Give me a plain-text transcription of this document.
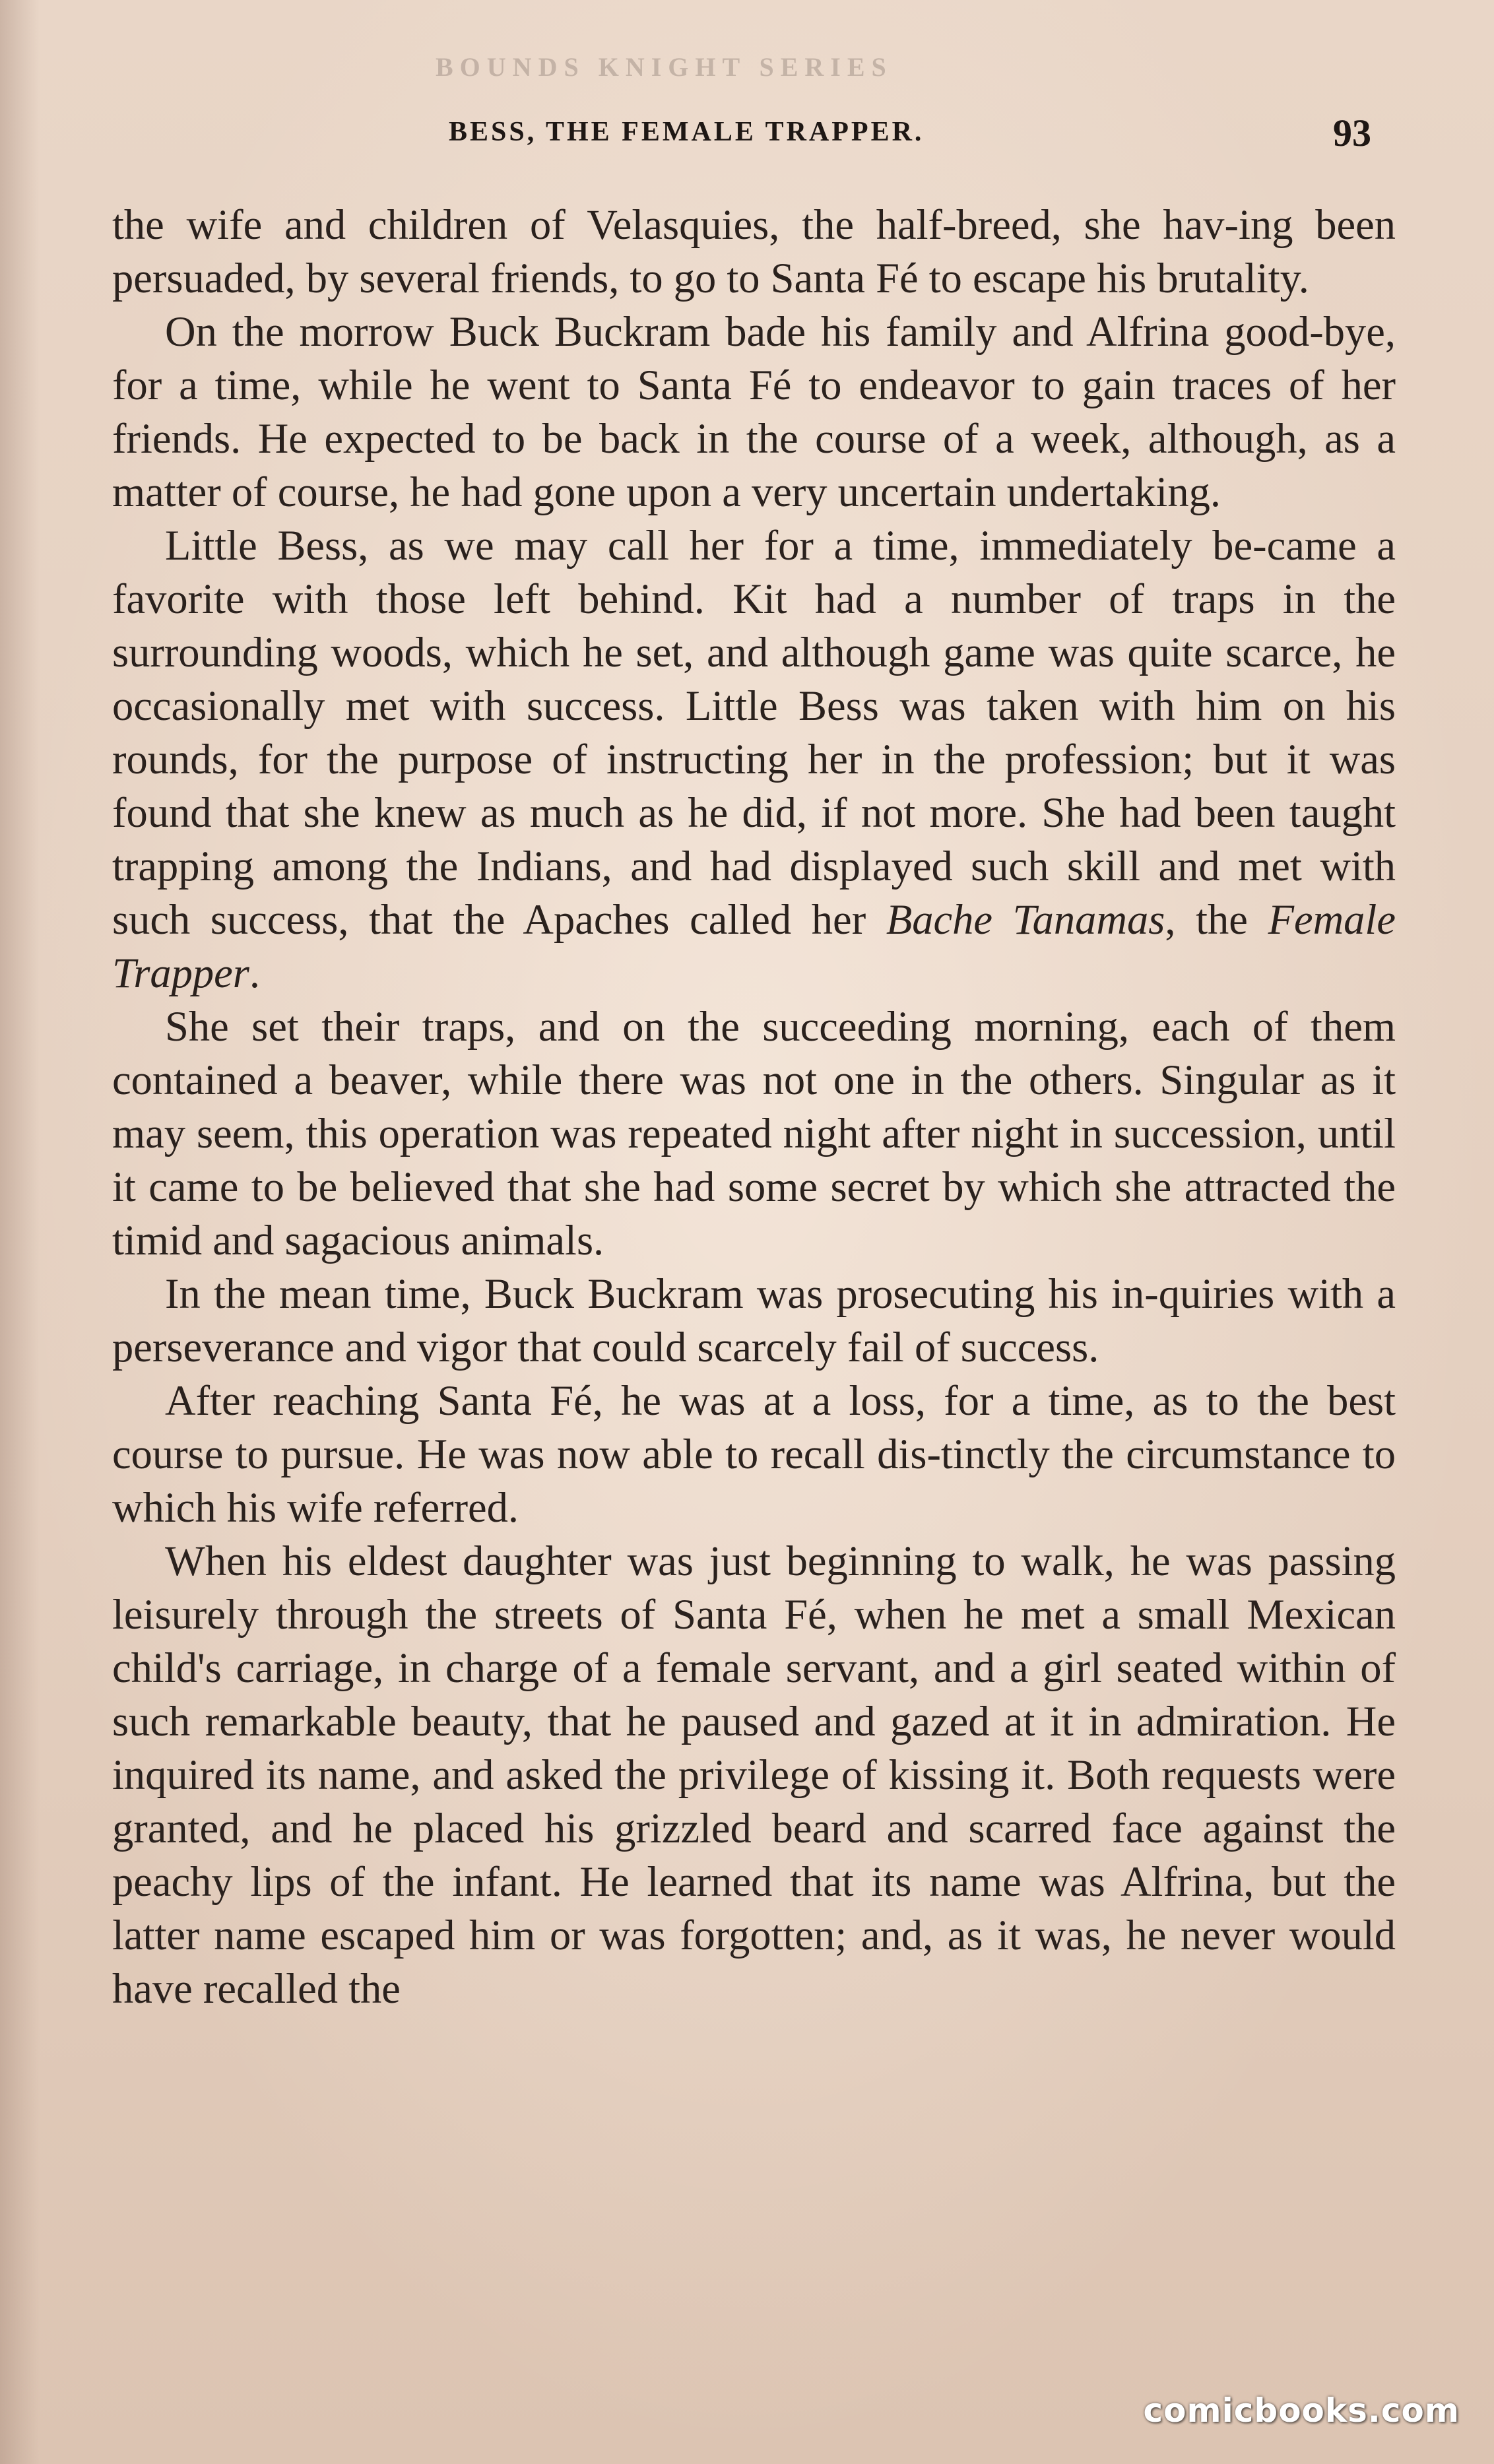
BOUNDS KNIGHT SERIES
BESS, THE FEMALE TRAPPER.	93

the wife and children of Velasquies, the half-breed, she hav-ing been persuaded, by several friends, to go to Santa Fé to escape his brutality.

On the morrow Buck Buckram bade his family and Alfrina good-bye, for a time, while he went to Santa Fé to endeavor to gain traces of her friends. He expected to be back in the course of a week, although, as a matter of course, he had gone upon a very uncertain undertaking.

Little Bess, as we may call her for a time, immediately be-came a favorite with those left behind. Kit had a number of traps in the surrounding woods, which he set, and although game was quite scarce, he occasionally met with success. Little Bess was taken with him on his rounds, for the purpose of instructing her in the profession; but it was found that she knew as much as he did, if not more. She had been taught trapping among the Indians, and had displayed such skill and met with such success, that the Apaches called her Bache Tanamas, the Female Trapper.

She set their traps, and on the succeeding morning, each of them contained a beaver, while there was not one in the others. Singular as it may seem, this operation was repeated night after night in succession, until it came to be believed that she had some secret by which she attracted the timid and sagacious animals.

In the mean time, Buck Buckram was prosecuting his in-quiries with a perseverance and vigor that could scarcely fail of success.

After reaching Santa Fé, he was at a loss, for a time, as to the best course to pursue. He was now able to recall dis-tinctly the circumstance to which his wife referred.

When his eldest daughter was just beginning to walk, he was passing leisurely through the streets of Santa Fé, when he met a small Mexican child's carriage, in charge of a female servant, and a girl seated within of such remarkable beauty, that he paused and gazed at it in admiration. He inquired its name, and asked the privilege of kissing it. Both requests were granted, and he placed his grizzled beard and scarred face against the peachy lips of the infant. He learned that its name was Alfrina, but the latter name escaped him or was forgotten; and, as it was, he never would have recalled the

comicbooks.com
